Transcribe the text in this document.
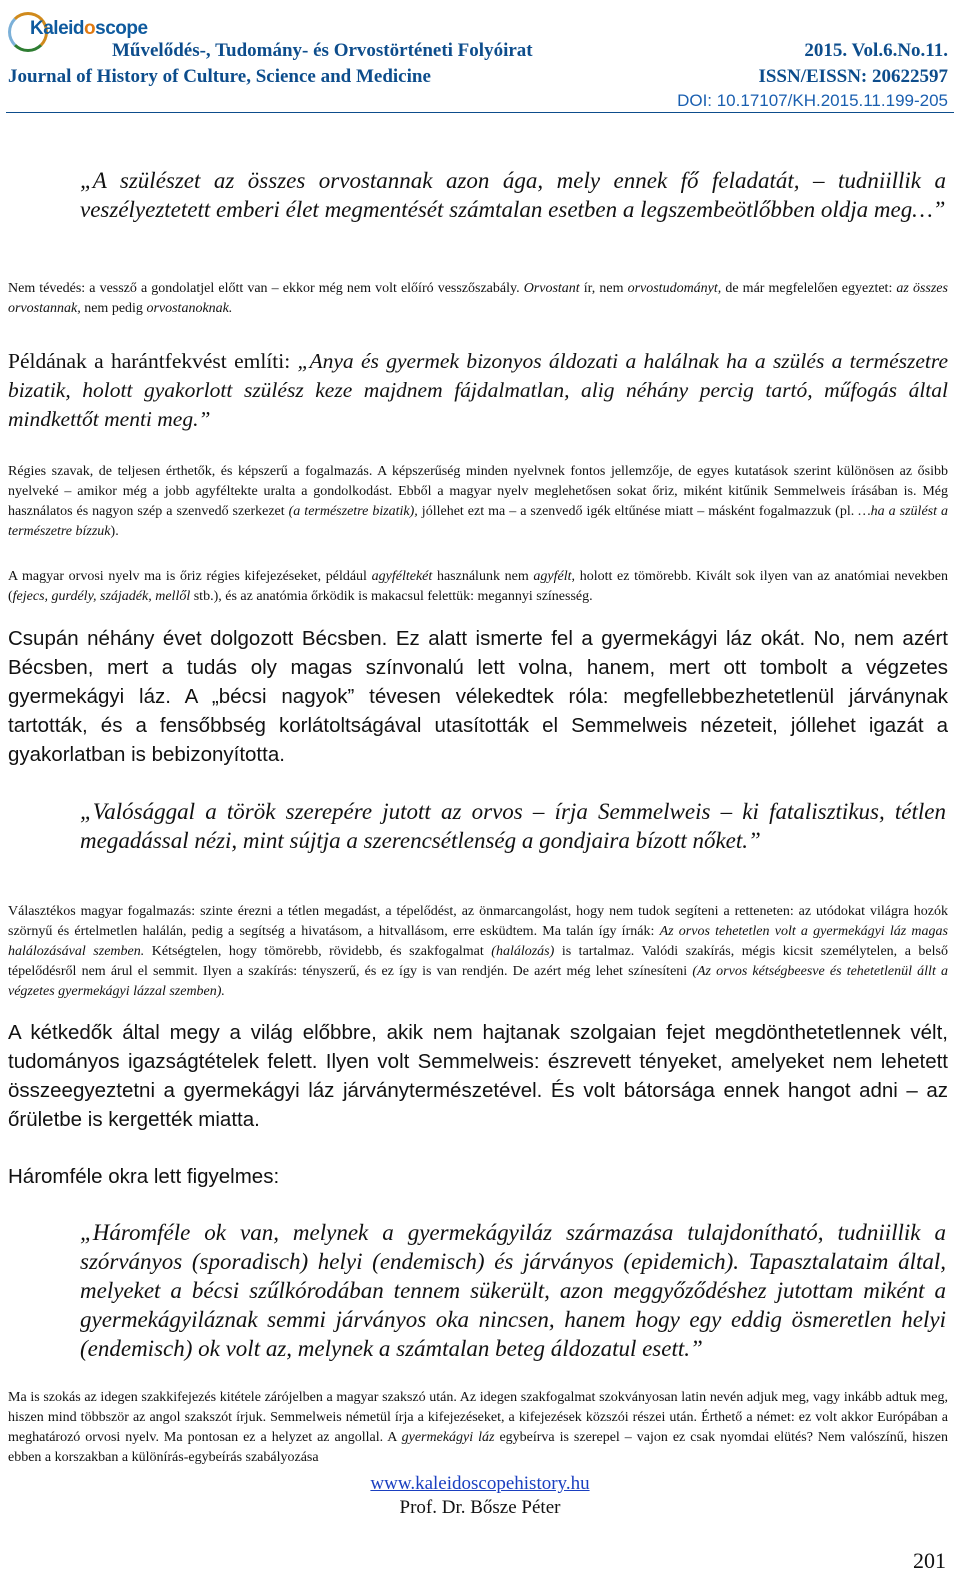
Kaleidoscope
Művelődés-, Tudomány- és Orvostörténeti Folyóirat
Journal of History of Culture, Science and Medicine
2015. Vol.6.No.11.
ISSN/EISSN: 20622597
DOI: 10.17107/KH.2015.11.199-205
„A szülészet az összes orvostannak azon ága, mely ennek fő feladatát, – tudniillik a veszélyeztetett emberi élet megmentését számtalan esetben a legszembeötlőbben oldja meg…”
Nem tévedés: a vessző a gondolatjel előtt van – ekkor még nem volt előíró vesszőszabály. Orvostant ír, nem orvostudományt, de már megfelelően egyeztet: az összes orvostannak, nem pedig orvostanoknak.
Példának a harántfekvést említi: „Anya és gyermek bizonyos áldozati a halálnak ha a szülés a természetre bizatik, holott gyakorlott szülész keze majdnem fájdalmatlan, alig néhány percig tartó, műfogás által mindkettőt menti meg.”
Régies szavak, de teljesen érthetők, és képszerű a fogalmazás. A képszerűség minden nyelvnek fontos jellemzője, de egyes kutatások szerint különösen az ősibb nyelveké – amikor még a jobb agyféltekte uralta a gondolkodást. Ebből a magyar nyelv meglehetősen sokat őriz, miként kitűnik Semmelweis írásában is. Még használatos és nagyon szép a szenvedő szerkezet (a természetre bizatik), jóllehet ezt ma – a szenvedő igék eltűnése miatt – másként fogalmazzuk (pl. …ha a szülést a természetre bízzuk).
A magyar orvosi nyelv ma is őriz régies kifejezéseket, például agyféltekét használunk nem agyfélt, holott ez tömörebb. Kivált sok ilyen van az anatómiai nevekben (fejecs, gurdély, szájadék, mellől stb.), és az anatómia őrködik is makacsul felettük: megannyi színesség.
Csupán néhány évet dolgozott Bécsben. Ez alatt ismerte fel a gyermekágyi láz okát. No, nem azért Bécsben, mert a tudás oly magas színvonalú lett volna, hanem, mert ott tombolt a végzetes gyermekágyi láz. A „bécsi nagyok” tévesen vélekedtek róla: megfellebbezhetetlenül járványnak tartották, és a fensőbbség korlátoltságával utasították el Semmelweis nézeteit, jóllehet igazát a gyakorlatban is bebizonyította.
„Valósággal a török szerepére jutott az orvos – írja Semmelweis – ki fatalisztikus, tétlen megadással nézi, mint sújtja a szerencsétlenség a gondjaira bízott nőket.”
Választékos magyar fogalmazás: szinte érezni a tétlen megadást, a tépelődést, az önmarcangolást, hogy nem tudok segíteni a retteneten: az utódokat világra hozók szörnyű és értelmetlen halálán, pedig a segítség a hivatásom, a hitvallásom, erre esküdtem. Ma talán így írnák: Az orvos tehetetlen volt a gyermekágyi láz magas halálozásával szemben. Kétségtelen, hogy tömörebb, rövidebb, és szakfogalmat (halálozás) is tartalmaz. Valódi szakírás, mégis kicsit személytelen, a belső tépelődésről nem árul el semmit. Ilyen a szakírás: tényszerű, és ez így is van rendjén. De azért még lehet színesíteni (Az orvos kétségbeesve és tehetetlenül állt a végzetes gyermekágyi lázzal szemben).
A kétkedők által megy a világ előbbre, akik nem hajtanak szolgaian fejet megdönthetetlennek vélt, tudományos igazságtételek felett. Ilyen volt Semmelweis: észrevett tényeket, amelyeket nem lehetett összeegyeztetni a gyermekágyi láz járványtermészetével. És volt bátorsága ennek hangot adni – az őrületbe is kergették miatta.
Háromféle okra lett figyelmes:
„Háromféle ok van, melynek a gyermekágyiláz származása tulajdonítható, tudniillik a szórványos (sporadisch) helyi (endemisch) és járványos (epidemich). Tapasztalataim által, melyeket a bécsi szűlkórodában tennem sükerült, azon meggyőződéshez jutottam miként a gyermekágyiláznak semmi járványos oka nincsen, hanem hogy egy eddig ösmeretlen helyi (endemisch) ok volt az, melynek a számtalan beteg áldozatul esett.”
Ma is szokás az idegen szakkifejezés kitétele zárójelben a magyar szakszó után. Az idegen szakfogalmat szokványosan latin nevén adjuk meg, vagy inkább adtuk meg, hiszen mind többször az angol szakszót írjuk. Semmelweis németül írja a kifejezéseket, a kifejezések közszói részei után. Érthető a német: ez volt akkor Európában a meghatározó orvosi nyelv. Ma pontosan ez a helyzet az angollal. A gyermekágyi láz egybeírva is szerepel – vajon ez csak nyomdai elütés? Nem valószínű, hiszen ebben a korszakban a különírás-egybeírás szabályozása
www.kaleidoscopehistory.hu
Prof. Dr. Bősze Péter
201
